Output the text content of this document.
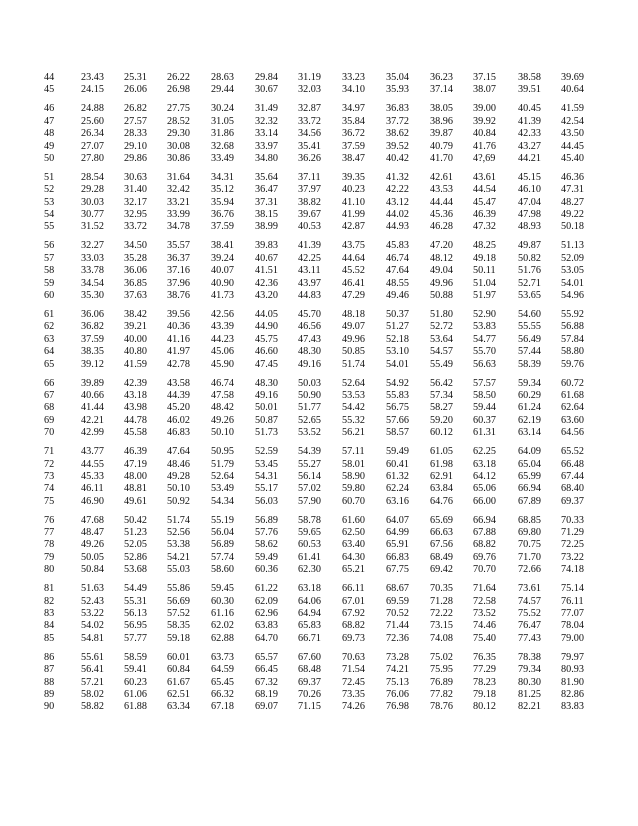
44	23.43 25.31 26.22 28.63 29.84 31.19 33.23 35.04 36.23 37.15 38.58 39.69
45	24.15 26.06 26.98 29.44 30.67 32.03 34.10 35.93 37.14 38.07 39.51 40.64
46	24.88 26.82 27.75 30.24 31.49 32.87 34.97 36.83 38.05 39.00 40.45 41.59
47	25.60 27.57 28.52 31.05 32.32 33.72 35.84 37.72 38.96 39.92 41.39 42.54
48	26.34 28.33 29.30 31.86 33.14 34.56 36.72 38.62 39.87 40.84 42.33 43.50
49	27.07 29.10 30.08 32.68 33.97 35.41 37.59 39.52 40.79 41.76 43.27 44.45
50	27.80 29.86 30.86 33.49 34.80 36.26 38.47 40.42 41.70 4?,69 44.21 45.40
51	28.54 30.63 31.64 34.31 35.64 37.11 39.35 41.32 42.61 43.61 45.15 46.36
52	29.28 31.40 32.42 35.12 36.47 37.97 40.23 42.22 43.53 44.54 46.10 47.31
53	30.03 32.17 33.21 35.94 37.31 38.82 41.10 43.12 44.44 45.47 47.04 48.27
54	30.77 32.95 33.99 36.76 38.15 39.67 41.99 44.02 45.36 46.39 47.98 49.22
55	31.52 33.72 34.78 37.59 38.99 40.53 42.87 44.93 46.28 47.32 48.93 50.18
56	32.27 34.50 35.57 38.41 39.83 41.39 43.75 45.83 47.20 48.25 49.87 51.13
57	33.03 35.28 36.37 39.24 40.67 42.25 44.64 46.74 48.12 49.18 50.82 52.09
58	33.78 36.06 37.16 40.07 41.51 43.11 45.52 47.64 49.04 50.11 51.76 53.05
59	34.54 36.85 37.96 40.90 42.36 43.97 46.41 48.55 49.96 51.04 52.71 54.01
60	35.30 37.63 38.76 41.73 43.20 44.83 47.29 49.46 50.88 51.97 53.65 54.96
61	36.06 38.42 39.56 42.56 44.05 45.70 48.18 50.37 51.80 52.90 54.60 55.92
62	36.82 39.21 40.36 43.39 44.90 46.56 49.07 51.27 52.72 53.83 55.55 56.88
63	37.59 40.00 41.16 44.23 45.75 47.43 49.96 52.18 53.64 54.77 56.49 57.84
64	38.35 40.80 41.97 45.06 46.60 48.30 50.85 53.10 54.57 55.70 57.44 58.80
65	39.12 41.59 42.78 45.90 47.45 49.16 51.74 54.01 55.49 56.63 58.39 59.76
66	39.89 42.39 43.58 46.74 48.30 50.03 52.64 54.92 56.42 57.57 59.34 60.72
67	40.66 43.18 44.39 47.58 49.16 50.90 53.53 55.83 57.34 58.50 60.29 61.68
68	41.44 43.98 45.20 48.42 50.01 51.77 54.42 56.75 58.27 59.44 61.24 62.64
69	42.21 44.78 46.02 49.26 50.87 52.65 55.32 57.66 59.20 60.37 62.19 63.60
70	42.99 45.58 46.83 50.10 51.73 53.52 56.21 58.57 60.12 61.31 63.14 64.56
71	43.77 46.39 47.64 50.95 52.59 54.39 57.11 59.49 61.05 62.25 64.09 65.52
72	44.55 47.19 48.46 51.79 53.45 55.27 58.01 60.41 61.98 63.18 65.04 66.48
73	45.33 48.00 49.28 52.64 54.31 56.14 58.90 61.32 62.91 64.12 65.99 67.44
74	46.11 48.81 50.10 53.49 55.17 57.02 59.80 62.24 63.84 65.06 66.94 68.40
75	46.90 49.61 50.92 54.34 56.03 57.90 60.70 63.16 64.76 66.00 67.89 69.37
76	47.68 50.42 51.74 55.19 56.89 58.78 61.60 64.07 65.69 66.94 68.85 70.33
77	48.47 51.23 52.56 56.04 57.76 59.65 62.50 64.99 66.63 67.88 69.80 71.29
78	49.26 52.05 53.38 56.89 58.62 60.53 63.40 65.91 67.56 68.82 70.75 72.25
79	50.05 52.86 54.21 57.74 59.49 61.41 64.30 66.83 68.49 69.76 71.70 73.22
80	50.84 53.68 55.03 58.60 60.36 62.30 65.21 67.75 69.42 70.70 72.66 74.18
81	51.63 54.49 55.86 59.45 61.22 63.18 66.11 68.67 70.35 71.64 73.61 75.14
82	52.43 55.31 56.69 60.30 62.09 64.06 67.01 69.59 71.28 72.58 74.57 76.11
83	53.22 56.13 57.52 61.16 62.96 64.94 67.92 70.52 72.22 73.52 75.52 77.07
84	54.02 56.95 58.35 62.02 63.83 65.83 68.82 71.44 73.15 74.46 76.47 78.04
85	54.81 57.77 59.18 62.88 64.70 66.71 69.73 72.36 74.08 75.40 77.43 79.00
86	55.61 58.59 60.01 63.73 65.57 67.60 70.63 73.28 75.02 76.35 78.38 79.97
87	56.41 59.41 60.84 64.59 66.45 68.48 71.54 74.21 75.95 77.29 79.34 80.93
88	57.21 60.23 61.67 65.45 67.32 69.37 72.45 75.13 76.89 78.23 80.30 81.90
89	58.02 61.06 62.51 66.32 68.19 70.26 73.35 76.06 77.82 79.18 81.25 82.86
90	58.82 61.88 63.34 67.18 69.07 71.15 74.26 76.98 78.76 80.12 82.21 83.83
